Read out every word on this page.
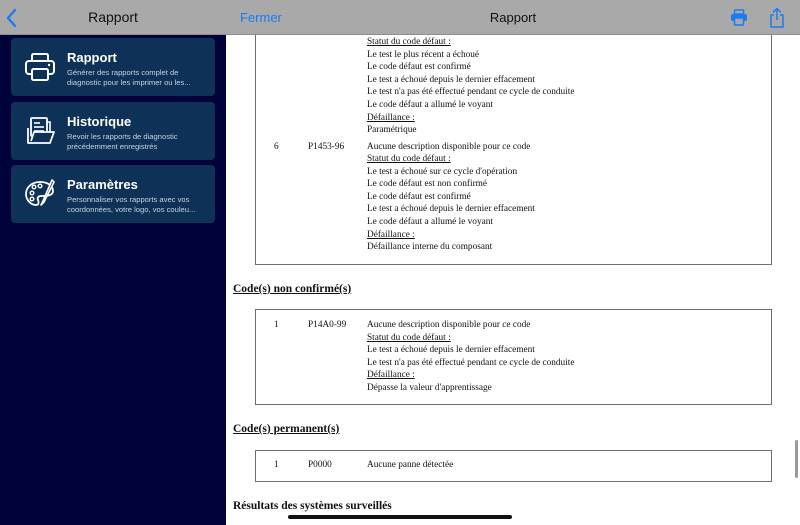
Rapport
Rapport
Générer des rapports complet de
diagnostic pour les imprimer ou les...
Historique
Revoir les rapports de diagnostic
précédemment enregistrés
Paramètres
Personnaliser vos rapports avec vos
coordonnées, votre logo, vos couleu...
Fermer	Rapport
Statut du code défaut :
Le test le plus récent a échoué
Le code défaut est confirmé
Le test a échoué depuis le dernier effacement
Le test n'a pas été effectué pendant ce cycle de conduite
Le code défaut a allumé le voyant
Défaillance :
Paramétrique
6	P1453-96 Aucune description disponible pour ce code
Statut du code défaut :
Le test a échoué sur ce cycle d'opération
Le code défaut est non confirmé
Le code défaut est confirmé
Le test a échoué depuis le dernier effacement
Le code défaut a allumé le voyant
Défaillance :
Défaillance interne du composant
Code(s) non confirmé(s)
1	P14A0-99 Aucune description disponible pour ce code
Statut du code défaut :
Le test a échoué depuis le dernier effacement
Le test n'a pas été effectué pendant ce cycle de conduite
Défaillance :
Dépasse la valeur d'apprentissage
Code(s) permanent(s)
1	P0000	Aucune panne détectée
Résultats des systèmes surveillés
